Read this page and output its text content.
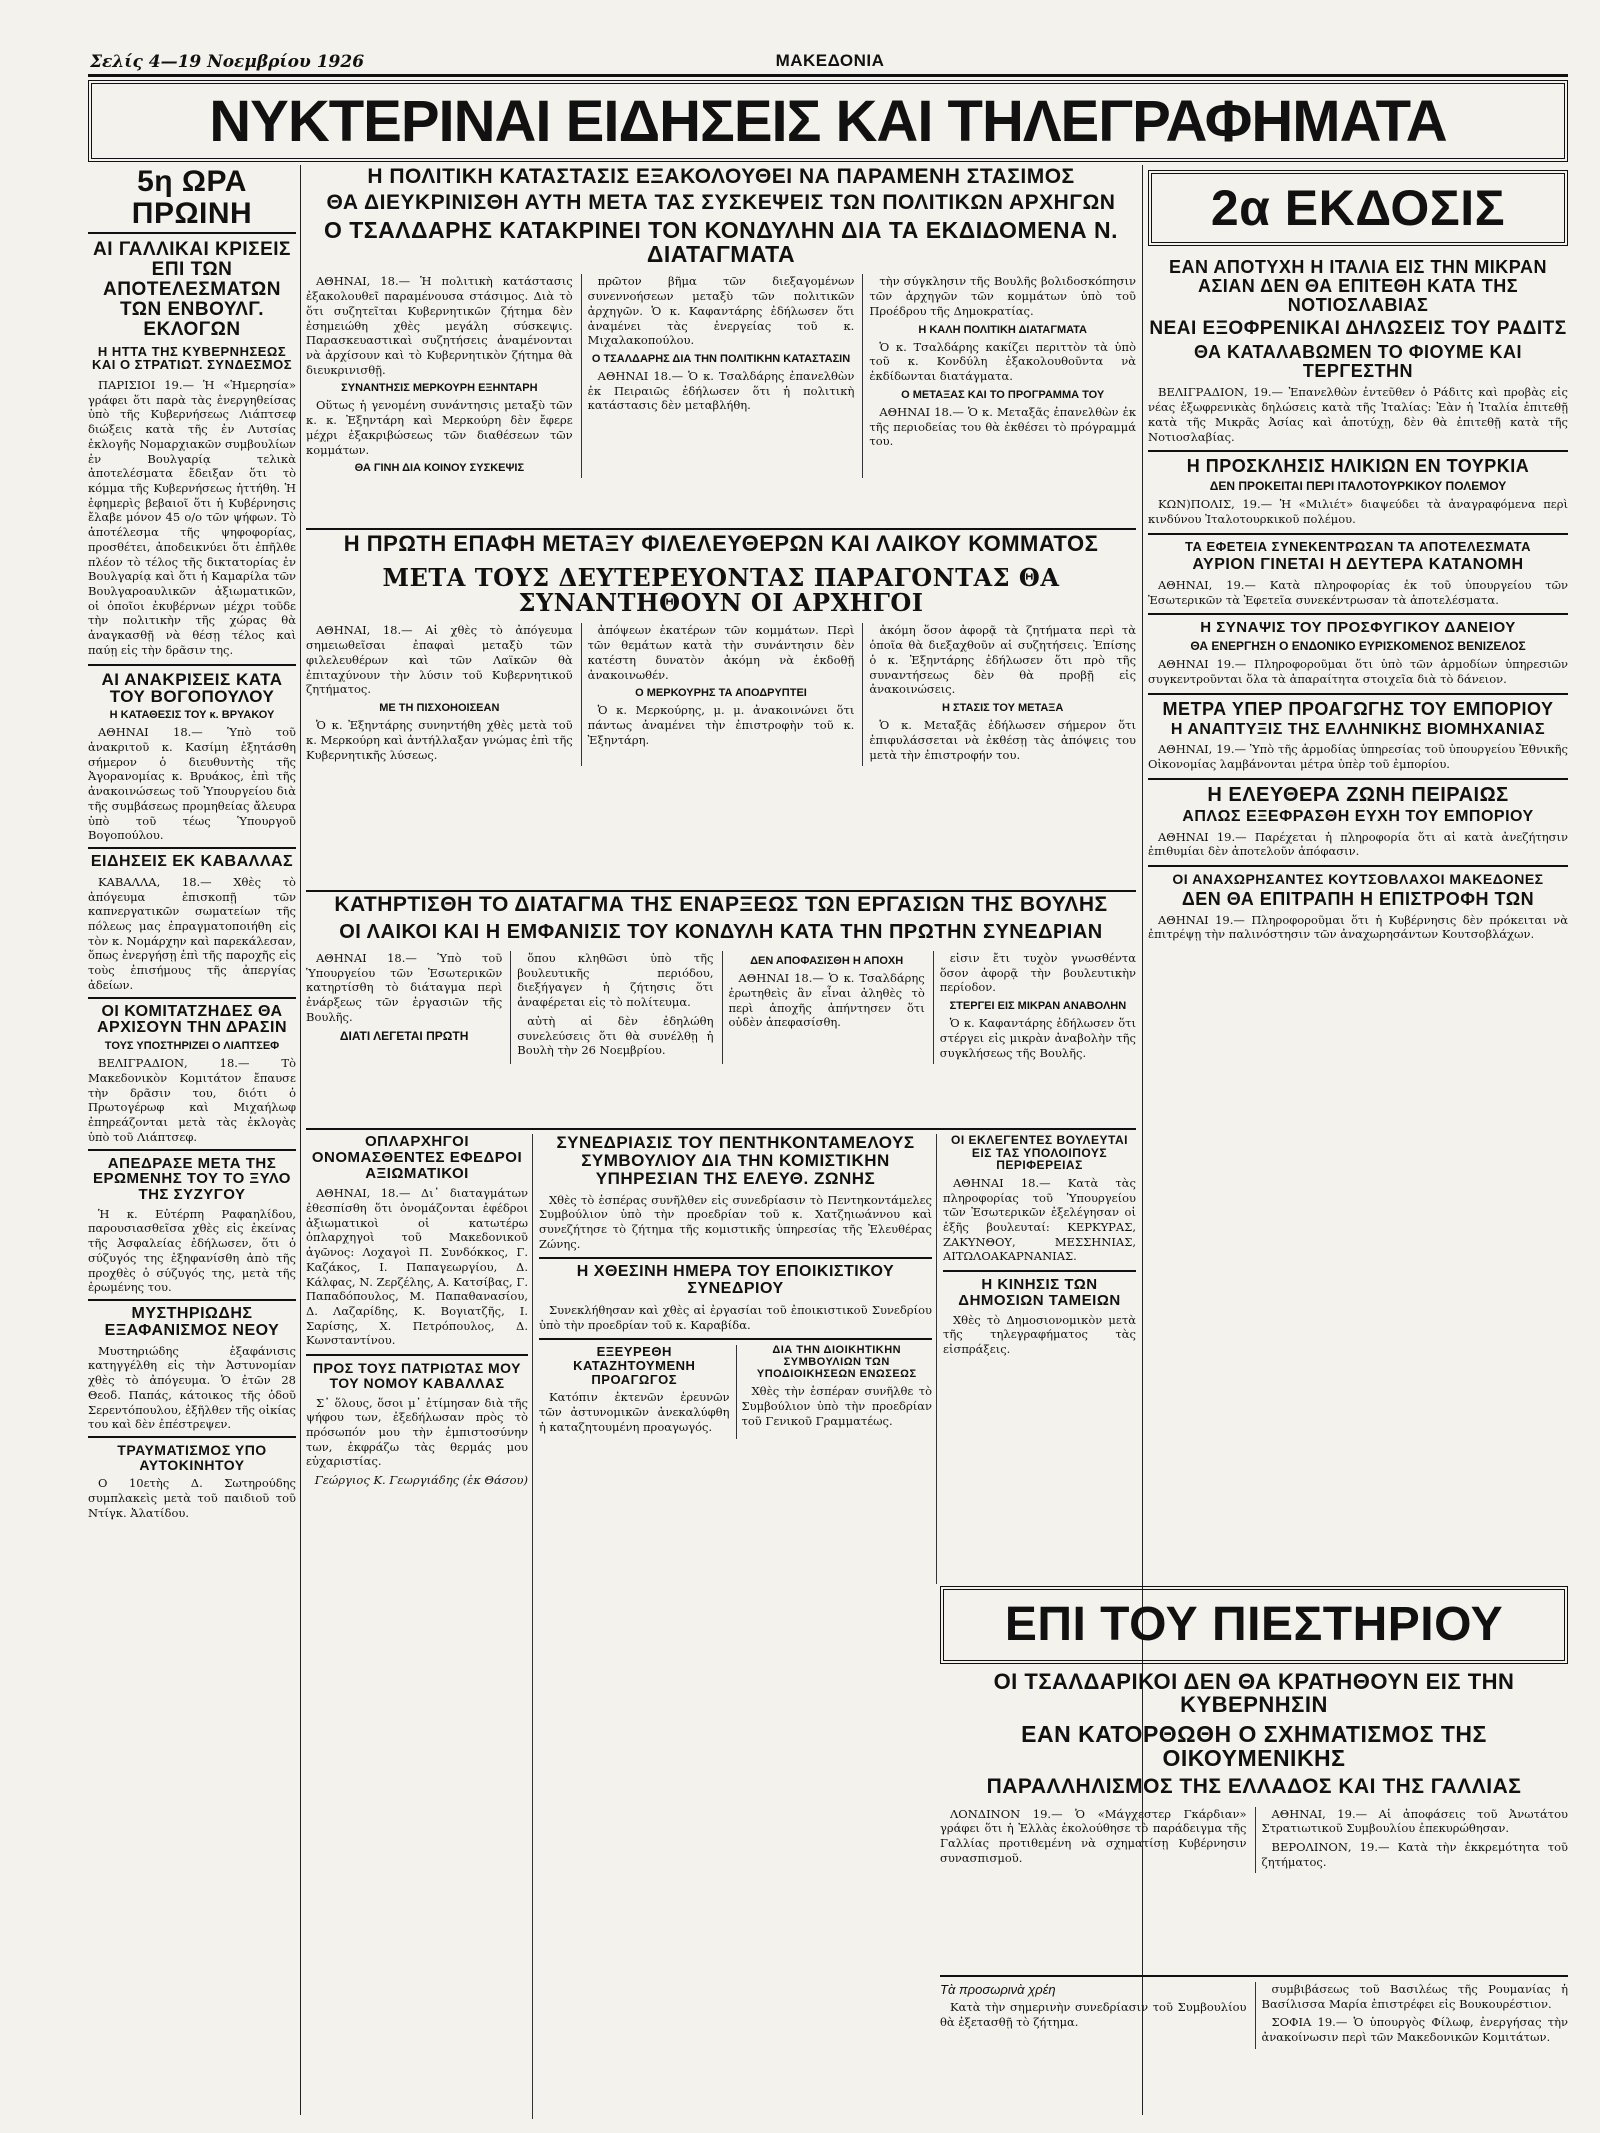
Σελίς 4—19 Νοεμβρίου 1926	ΜΑΚΕΔΟΝΙΑ
ΝΥΚΤΕΡΙΝΑΙ ΕΙΔΗΣΕΙΣ ΚΑΙ ΤΗΛΕΓΡΑΦΗΜΑΤΑ
5η ΩΡΑ ΠΡΩΙΝΗ
ΑΙ ΓΑΛΛΙΚΑΙ ΚΡΙΣΕΙΣ ΕΠΙ ΤΩΝ ΑΠΟΤΕΛΕΣΜΑΤΩΝ ΤΩΝ ΕΝΒΟΥΛΓ. ΕΚΛΟΓΩΝ
Η ΗΤΤΑ ΤΗΣ ΚΥΒΕΡΝΗΣΕΩΣ ΚΑΙ Ο ΣΤΡΑΤΙΩΤ. ΣΥΝΔΕΣΜΟΣ

ΠΑΡΙΣΙΟΙ 19.— Ἡ «Ἡμερησία» γράφει ὅτι παρὰ τὰς ἐνεργηθείσας ὑπὸ τῆς Κυβερνήσεως Λιάπτσεφ διώξεις κατὰ τῆς ἐν Λυτσίας ἐκλογῆς Νομαρχιακῶν συμβουλίων ἐν Βουλγαρίᾳ τελικὰ ἀποτελέσματα ἔδειξαν ὅτι τὸ κόμμα τῆς Κυβερνήσεως ἠττήθη. Ἡ ἐφημερὶς βεβαιοῖ ὅτι ἡ Κυβέρνησις ἔλαβε μόνον 45 ο/ο τῶν ψήφων. Τὸ ἀποτέλεσμα τῆς ψηφοφορίας, προσθέτει, ἀποδεικνύει ὅτι ἐπῆλθε πλέον τὸ τέλος τῆς δικτατορίας ἐν Βουλγαρίᾳ καὶ ὅτι ἡ Καμαρίλα τῶν Βουλγαροαυλικῶν ἀξιωματικῶν, οἱ ὁποῖοι ἐκυβέρνων μέχρι τοῦδε τὴν πολιτικὴν τῆς χώρας θὰ ἀναγκασθῇ νὰ θέσῃ τέλος καὶ παύῃ εἰς τὴν δρᾶσιν της.

ΑΙ ΑΝΑΚΡΙΣΕΙΣ ΚΑΤΑ ΤΟΥ ΒΟΓΟΠΟΥΛΟΥ
Η ΚΑΤΑΘΕΣΙΣ ΤΟΥ κ. ΒΡΥΑΚΟΥ

ΑΘΗΝΑΙ 18.— Ὑπὸ τοῦ ἀνακριτοῦ κ. Κασίμη ἐξητάσθη σήμερον ὁ διευθυντὴς τῆς Ἀγορανομίας κ. Βρυάκος, ἐπὶ τῆς ἀνακοινώσεως τοῦ Ὑπουργείου διὰ τῆς συμβάσεως προμηθείας ἄλευρα ὑπὸ τοῦ τέως Ὑπουργοῦ Βογοπούλου.

ΕΙΔΗΣΕΙΣ ΕΚ ΚΑΒΑΛΛΑΣ

ΚΑΒΑΛΛΑ, 18.— Χθὲς τὸ ἀπόγευμα ἐπισκοπῇ τῶν καπνεργατικῶν σωματείων τῆς πόλεως μας ἐπραγματοποιήθη εἰς τὸν κ. Νομάρχην καὶ παρεκάλεσαν, ὅπως ἐνεργήσῃ ἐπὶ τῆς παροχῆς εἰς τοὺς ἐπισήμους τῆς ἀπεργίας ἀδείων.

ΟΙ ΚΟΜΙΤΑΤΖΗΔΕΣ ΘΑ ΑΡΧΙΣΟΥΝ ΤΗΝ ΔΡΑΣΙΝ
ΤΟΥΣ ΥΠΟΣΤΗΡΙΖΕΙ Ο ΛΙΑΠΤΣΕΦ

ΒΕΛΙΓΡΑΔΙΟΝ, 18.— Τὸ Μακεδονικὸν Κομιτάτον ἔπαυσε τὴν δρᾶσιν του, διότι ὁ Πρωτογέρωφ καὶ Μιχαήλωφ ἐπηρεάζονται μετὰ τὰς ἐκλογὰς ὑπὸ τοῦ Λιάπτσεφ.

ΑΠΕΔΡΑΣΕ ΜΕΤΑ ΤΗΣ ΕΡΩΜΕΝΗΣ ΤΟΥ ΤΟ ΞΥΛΟ ΤΗΣ ΣΥΖΥΓΟΥ

Ἡ κ. Εὐτέρπη Ραφαηλίδου, παρουσιασθεῖσα χθὲς εἰς ἐκείνας τῆς Ἀσφαλείας ἐδήλωσεν, ὅτι ὁ σύζυγός της ἐξηφανίσθη ἀπὸ τῆς προχθὲς ὁ σύζυγός της, μετὰ τῆς ἐρωμένης του.

ΜΥΣΤΗΡΙΩΔΗΣ ΕΞΑΦΑΝΙΣΜΟΣ ΝΕΟΥ

Μυστηριώδης ἐξαφάνισις κατηγγέλθη εἰς τὴν Ἀστυνομίαν χθὲς τὸ ἀπόγευμα. Ὁ ἐτῶν 28 Θεοδ. Παπάς, κάτοικος τῆς ὁδοῦ Σερεντόπουλου, ἐξῆλθεν τῆς οἰκίας του καὶ δὲν ἐπέστρεψεν.

ΤΡΑΥΜΑΤΙΣΜΟΣ ΥΠΟ ΑΥΤΟΚΙΝΗΤΟΥ

Ο 10ετὴς Δ. Σωτηρούδης συμπλακεὶς μετὰ τοῦ παιδιοῦ τοῦ Ντίγκ. Ἀλατίδου.

Η ΠΟΛΙΤΙΚΗ ΚΑΤΑΣΤΑΣΙΣ ΕΞΑΚΟΛΟΥΘΕΙ ΝΑ ΠΑΡΑΜΕΝΗ ΣΤΑΣΙΜΟΣ
ΘΑ ΔΙΕΥΚΡΙΝΙΣΘΗ ΑΥΤΗ ΜΕΤΑ ΤΑΣ ΣΥΣΚΕΨΕΙΣ ΤΩΝ ΠΟΛΙΤΙΚΩΝ ΑΡΧΗΓΩΝ
Ο ΤΣΑΛΔΑΡΗΣ ΚΑΤΑΚΡΙΝΕΙ ΤΟΝ ΚΟΝΔΥΛΗΝ ΔΙΑ ΤΑ ΕΚΔΙΔΟΜΕΝΑ Ν. ΔΙΑΤΑΓΜΑΤΑ

ΑΘΗΝΑΙ, 18.— Ἡ πολιτικὴ κατάστασις ἐξακολουθεῖ παραμένουσα στάσιμος. Διὰ τὸ ὅτι συζητεῖται Κυβερνητικῶν ζήτημα δὲν ἐσημειώθη χθὲς μεγάλη σύσκεψις. Παρασκευαστικαὶ συζητήσεις ἀναμένονται νὰ ἀρχίσουν καὶ τὸ Κυβερνητικὸν ζήτημα θὰ διευκρινισθῇ.

ΣΥΝΑΝΤΗΣΙΣ ΜΕΡΚΟΥΡΗ ΕΞΗΝΤΑΡΗ

Οὕτως ἡ γενομένη συνάντησις μεταξὺ τῶν κ. κ. Ἐξηντάρη καὶ Μερκούρη δὲν ἔφερε μέχρι ἐξακριβώσεως τῶν διαθέσεων τῶν κομμάτων.

ΘΑ ΓΙΝΗ ΔΙΑ ΚΟΙΝΟΥ ΣΥΣΚΕΨΙΣ

πρῶτον βῆμα τῶν διεξαγομένων συνεννοήσεων μεταξὺ τῶν πολιτικῶν ἀρχηγῶν. Ὁ κ. Καφαντάρης ἐδήλωσεν ὅτι ἀναμένει τὰς ἐνεργείας τοῦ κ. Μιχαλακοπούλου.

Ο ΤΣΑΛΔΑΡΗΣ ΔΙΑ ΤΗΝ ΠΟΛΙΤΙΚΗΝ ΚΑΤΑΣΤΑΣΙΝ

ΑΘΗΝΑΙ 18.— Ὁ κ. Τσαλδάρης ἐπανελθὼν ἐκ Πειραιῶς ἐδήλωσεν ὅτι ἡ πολιτικὴ κατάστασις δὲν μεταβλήθη.

τὴν σύγκλησιν τῆς Βουλῆς βολιδοσκόπησιν τῶν ἀρχηγῶν τῶν κομμάτων ὑπὸ τοῦ Προέδρου τῆς Δημοκρατίας.

Η ΚΑΛΗ ΠΟΛΙΤΙΚΗ ΔΙΑΤΑΓΜΑΤΑ

Ὁ κ. Τσαλδάρης κακίζει περιττὸν τὰ ὑπὸ τοῦ κ. Κονδύλη ἐξακολουθοῦντα νὰ ἐκδίδωνται διατάγματα.

Ο ΜΕΤΑΞΑΣ ΚΑΙ ΤΟ ΠΡΟΓΡΑΜΜΑ ΤΟΥ

ΑΘΗΝΑΙ 18.— Ὁ κ. Μεταξᾶς ἐπανελθὼν ἐκ τῆς περιοδείας του θὰ ἐκθέσει τὸ πρόγραμμά του.

Η ΠΡΩΤΗ ΕΠΑΦΗ ΜΕΤΑΞΥ ΦΙΛΕΛΕΥΘΕΡΩΝ ΚΑΙ ΛΑΙΚΟΥ ΚΟΜΜΑΤΟΣ
ΜΕΤΑ ΤΟΥΣ ΔΕΥΤΕΡΕΥΟΝΤΑΣ ΠΑΡΑΓΟΝΤΑΣ ΘΑ ΣΥΝΑΝΤΗΘΟΥΝ ΟΙ ΑΡΧΗΓΟΙ

ΑΘΗΝΑΙ, 18.— Αἱ χθὲς τὸ ἀπόγευμα σημειωθεῖσαι ἐπαφαὶ μεταξὺ τῶν φιλελευθέρων καὶ τῶν Λαϊκῶν θὰ ἐπιταχύνουν τὴν λύσιν τοῦ Κυβερνητικοῦ ζητήματος.

ΜΕ ΤΗ ΠΙΣΧΟΗΟΙΣΕΑΝ

Ὁ κ. Ἐξηντάρης συνηντήθη χθὲς μετὰ τοῦ κ. Μερκούρη καὶ ἀντήλλαξαν γνώμας ἐπὶ τῆς Κυβερνητικῆς λύσεως.

ἀπόψεων ἐκατέρων τῶν κομμάτων. Περὶ τῶν θεμάτων κατὰ τὴν συνάντησιν δὲν κατέστη δυνατὸν ἀκόμη νὰ ἐκδοθῇ ἀνακοινωθέν.

Ο ΜΕΡΚΟΥΡΗΣ ΤΑ ΑΠΟΔΡΥΠΤΕΙ

Ὁ κ. Μερκούρης, μ. μ. ἀνακοινώνει ὅτι πάντως ἀναμένει τὴν ἐπιστροφὴν τοῦ κ. Ἐξηντάρη.

ἀκόμη ὅσον ἀφορᾷ τὰ ζητήματα περὶ τὰ ὁποῖα θὰ διεξαχθοῦν αἱ συζητήσεις. Ἐπίσης ὁ κ. Ἐξηντάρης ἐδήλωσεν ὅτι πρὸ τῆς συναντήσεως δὲν θὰ προβῇ εἰς ἀνακοινώσεις.

Η ΣΤΑΣΙΣ ΤΟΥ ΜΕΤΑΞΑ

Ὁ κ. Μεταξᾶς ἐδήλωσεν σήμερον ὅτι ἐπιφυλάσσεται νὰ ἐκθέσῃ τὰς ἀπόψεις του μετὰ τὴν ἐπιστροφήν του.

ΚΑΤΗΡΤΙΣΘΗ ΤΟ ΔΙΑΤΑΓΜΑ ΤΗΣ ΕΝΑΡΞΕΩΣ ΤΩΝ ΕΡΓΑΣΙΩΝ ΤΗΣ ΒΟΥΛΗΣ
ΟΙ ΛΑΙΚΟΙ ΚΑΙ Η ΕΜΦΑΝΙΣΙΣ ΤΟΥ ΚΟΝΔΥΛΗ ΚΑΤΑ ΤΗΝ ΠΡΩΤΗΝ ΣΥΝΕΔΡΙΑΝ

ΑΘΗΝΑΙ 18.— Ὑπὸ τοῦ Ὑπουργείου τῶν Ἐσωτερικῶν κατηρτίσθη τὸ διάταγμα περὶ ἐνάρξεως τῶν ἐργασιῶν τῆς Βουλῆς.

ΔΙΑΤΙ ΛΕΓΕΤΑΙ ΠΡΩΤΗ

ὅπου κληθῶσι ὑπὸ τῆς βουλευτικῆς περιόδου, διεξήγαγεν ἡ ζήτησις ὅτι ἀναφέρεται εἰς τὸ πολίτευμα.

αὐτὴ αἱ δὲν ἐδηλώθη συνελεύσεις ὅτι θὰ συνέλθῃ ἡ Βουλὴ τὴν 26 Νοεμβρίου.

ΔΕΝ ΑΠΟΦΑΣΙΣΘΗ Η ΑΠΟΧΗ

ΑΘΗΝΑΙ 18.— Ὁ κ. Τσαλδάρης ἐρωτηθεὶς ἂν εἶναι ἀληθὲς τὸ περὶ ἀποχῆς ἀπήντησεν ὅτι οὐδὲν ἀπεφασίσθη.

εἰσιν ἔτι τυχὸν γνωσθέντα ὅσον ἀφορᾷ τὴν βουλευτικὴν περίοδον.

ΣΤΕΡΓΕΙ ΕΙΣ ΜΙΚΡΑΝ ΑΝΑΒΟΛΗΝ

Ὁ κ. Καφαντάρης ἐδήλωσεν ὅτι στέργει εἰς μικρὰν ἀναβολὴν τῆς συγκλήσεως τῆς Βουλῆς.

ΟΠΛΑΡΧΗΓΟΙ ΟΝΟΜΑΣΘΕΝΤΕΣ ΕΦΕΔΡΟΙ ΑΞΙΩΜΑΤΙΚΟΙ

ΑΘΗΝΑΙ, 18.— Δι᾽ διαταγμάτων ἐθεσπίσθη ὅτι ὀνομάζονται ἐφέδροι ἀξιωματικοὶ οἱ κατωτέρω ὁπλαρχηγοὶ τοῦ Μακεδονικοῦ ἀγῶνος: Λοχαγοὶ Π. Συνδόκκος, Γ. Καζάκος, Ι. Παπαγεωργίου, Δ. Κάλφας, Ν. Ζερζέλης, Α. Κατσίβας, Γ. Παπαδόπουλος, Μ. Παπαθανασίου, Δ. Λαζαρίδης, Κ. Βογιατζῆς, Ι. Σαρίσης, Χ. Πετρόπουλος, Δ. Κωνσταντίνου.

ΠΡΟΣ ΤΟΥΣ ΠΑΤΡΙΩΤΑΣ ΜΟΥ ΤΟΥ ΝΟΜΟΥ ΚΑΒΑΛΛΑΣ

Σ᾽ ὅλους, ὅσοι μ᾽ ἐτίμησαν διὰ τῆς ψήφου των, ἐξεδήλωσαν πρὸς τὸ πρόσωπόν μου τὴν ἐμπιστοσύνην των, ἐκφράζω τὰς θερμάς μου εὐχαριστίας.

Γεώργιος Κ. Γεωργιάδης (ἐκ Θάσου)
ΣΥΝΕΔΡΙΑΣΙΣ ΤΟΥ ΠΕΝΤΗΚΟΝΤΑΜΕΛΟΥΣ ΣΥΜΒΟΥΛΙΟΥ ΔΙΑ ΤΗΝ ΚΟΜΙΣΤΙΚΗΝ ΥΠΗΡΕΣΙΑΝ ΤΗΣ ΕΛΕΥΘ. ΖΩΝΗΣ

Χθὲς τὸ ἑσπέρας συνῆλθεν εἰς συνεδρίασιν τὸ Πεντηκοντάμελες Συμβούλιον ὑπὸ τὴν προεδρίαν τοῦ κ. Χατζηιωάννου καὶ συνεζήτησε τὸ ζήτημα τῆς κομιστικῆς ὑπηρεσίας τῆς Ἐλευθέρας Ζώνης.

Η ΧΘΕΣΙΝΗ ΗΜΕΡΑ ΤΟΥ ΕΠΟΙΚΙΣΤΙΚΟΥ ΣΥΝΕΔΡΙΟΥ

Συνεκλήθησαν καὶ χθὲς αἱ ἐργασίαι τοῦ ἐποικιστικοῦ Συνεδρίου ὑπὸ τὴν προεδρίαν τοῦ κ. Καραβίδα.

ΕΞΕΥΡΕΘΗ ΚΑΤΑΖΗΤΟΥΜΕΝΗ ΠΡΟΑΓΩΓΟΣ

Κατόπιν ἐκτενῶν ἐρευνῶν τῶν ἀστυνομικῶν ἀνεκαλύφθη ἡ καταζητουμένη προαγωγός.

ΔΙΑ ΤΗΝ ΔΙΟΙΚΗΤΙΚΗΝ ΣΥΜΒΟΥΛΙΩΝ ΤΩΝ ΥΠΟΔΙΟΙΚΗΣΕΩΝ ΕΝΩΣΕΩΣ

Χθὲς τὴν ἑσπέραν συνῆλθε τὸ Συμβούλιον ὑπὸ τὴν προεδρίαν τοῦ Γενικοῦ Γραμματέως.

ΟΙ ΕΚΛΕΓΕΝΤΕΣ ΒΟΥΛΕΥΤΑΙ ΕΙΣ ΤΑΣ ΥΠΟΛΟΙΠΟΥΣ ΠΕΡΙΦΕΡΕΙΑΣ

ΑΘΗΝΑΙ 18.— Κατὰ τὰς πληροφορίας τοῦ Ὑπουργείου τῶν Ἐσωτερικῶν ἐξελέγησαν οἱ ἑξῆς βουλευταί: ΚΕΡΚΥΡΑΣ, ΖΑΚΥΝΘΟΥ, ΜΕΣΣΗΝΙΑΣ, ΑΙΤΩΛΟΑΚΑΡΝΑΝΙΑΣ.

Η ΚΙΝΗΣΙΣ ΤΩΝ ΔΗΜΟΣΙΩΝ ΤΑΜΕΙΩΝ

Χθὲς τὸ Δημοσιονομικὸν μετὰ τῆς τηλεγραφήματος τὰς εἰσπράξεις.

2α ΕΚΔΟΣΙΣ
ΕΑΝ ΑΠΟΤΥΧΗ Η ΙΤΑΛΙΑ ΕΙΣ ΤΗΝ ΜΙΚΡΑΝ ΑΣΙΑΝ ΔΕΝ ΘΑ ΕΠΙΤΕΘΗ ΚΑΤΑ ΤΗΣ ΝΟΤΙΟΣΛΑΒΙΑΣ
ΝΕΑΙ ΕΞΟΦΡΕΝΙΚΑΙ ΔΗΛΩΣΕΙΣ ΤΟΥ ΡΑΔΙΤΣ
ΘΑ ΚΑΤΑΛΑΒΩΜΕΝ ΤΟ ΦΙΟΥΜΕ ΚΑΙ ΤΕΡΓΕΣΤΗΝ

ΒΕΛΙΓΡΑΔΙΟΝ, 19.— Ἐπανελθὼν ἐντεῦθεν ὁ Ράδιτς καὶ προβὰς εἰς νέας ἐξωφρενικὰς δηλώσεις κατὰ τῆς Ἰταλίας: Ἐὰν ἡ Ἰταλία ἐπιτεθῇ κατὰ τῆς Μικρᾶς Ἀσίας καὶ ἀποτύχῃ, δὲν θὰ ἐπιτεθῇ κατὰ τῆς Νοτιοσλαβίας.

Η ΠΡΟΣΚΛΗΣΙΣ ΗΛΙΚΙΩΝ ΕΝ ΤΟΥΡΚΙΑ
ΔΕΝ ΠΡΟΚΕΙΤΑΙ ΠΕΡΙ ΙΤΑΛΟΤΟΥΡΚΙΚΟΥ ΠΟΛΕΜΟΥ

ΚΩΝ)ΠΟΛΙΣ, 19.— Ἡ «Μιλιέτ» διαψεύδει τὰ ἀναγραφόμενα περὶ κινδύνου Ἰταλοτουρκικοῦ πολέμου.

ΤΑ ΕΦΕΤΕΙΑ ΣΥΝΕΚΕΝΤΡΩΣΑΝ ΤΑ ΑΠΟΤΕΛΕΣΜΑΤΑ
ΑΥΡΙΟΝ ΓΙΝΕΤΑΙ Η ΔΕΥΤΕΡΑ ΚΑΤΑΝΟΜΗ

ΑΘΗΝΑΙ, 19.— Κατὰ πληροφορίας ἐκ τοῦ ὑπουργείου τῶν Ἐσωτερικῶν τὰ Ἐφετεῖα συνεκέντρωσαν τὰ ἀποτελέσματα.

Η ΣΥΝΑΨΙΣ ΤΟΥ ΠΡΟΣΦΥΓΙΚΟΥ ΔΑΝΕΙΟΥ
ΘΑ ΕΝΕΡΓΗΣΗ Ο ΕΝΔΟΝΙΚΟ ΕΥΡΙΣΚΟΜΕΝΟΣ ΒΕΝΙΖΕΛΟΣ

ΑΘΗΝΑΙ 19.— Πληροφοροῦμαι ὅτι ὑπὸ τῶν ἁρμοδίων ὑπηρεσιῶν συγκεντροῦνται ὅλα τὰ ἀπαραίτητα στοιχεῖα διὰ τὸ δάνειον.

ΜΕΤΡΑ ΥΠΕΡ ΠΡΟΑΓΩΓΗΣ ΤΟΥ ΕΜΠΟΡΙΟΥ
Η ΑΝΑΠΤΥΞΙΣ ΤΗΣ ΕΛΛΗΝΙΚΗΣ ΒΙΟΜΗΧΑΝΙΑΣ

ΑΘΗΝΑΙ, 19.— Ὑπὸ τῆς ἁρμοδίας ὑπηρεσίας τοῦ ὑπουργείου Ἐθνικῆς Οἰκονομίας λαμβάνονται μέτρα ὑπὲρ τοῦ ἐμπορίου.

Η ΕΛΕΥΘΕΡΑ ΖΩΝΗ ΠΕΙΡΑΙΩΣ
ΑΠΛΩΣ ΕΞΕΦΡΑΣΘΗ ΕΥΧΗ ΤΟΥ ΕΜΠΟΡΙΟΥ

ΑΘΗΝΑΙ 19.— Παρέχεται ἡ πληροφορία ὅτι αἱ κατὰ ἀνεζήτησιν ἐπιθυμίαι δὲν ἀποτελοῦν ἀπόφασιν.

ΟΙ ΑΝΑΧΩΡΗΣΑΝΤΕΣ ΚΟΥΤΣΟΒΛΑΧΟΙ ΜΑΚΕΔΟΝΕΣ
ΔΕΝ ΘΑ ΕΠΙΤΡΑΠΗ Η ΕΠΙΣΤΡΟΦΗ ΤΩΝ

ΑΘΗΝΑΙ 19.— Πληροφοροῦμαι ὅτι ἡ Κυβέρνησις δὲν πρόκειται νὰ ἐπιτρέψῃ τὴν παλινόστησιν τῶν ἀναχωρησάντων Κουτσοβλάχων.

ΕΠΙ ΤΟΥ ΠΙΕΣΤΗΡΙΟΥ
ΟΙ ΤΣΑΛΔΑΡΙΚΟΙ ΔΕΝ ΘΑ ΚΡΑΤΗΘΟΥΝ ΕΙΣ ΤΗΝ ΚΥΒΕΡΝΗΣΙΝ
ΕΑΝ ΚΑΤΟΡΘΩΘΗ Ο ΣΧΗΜΑΤΙΣΜΟΣ ΤΗΣ ΟΙΚΟΥΜΕΝΙΚΗΣ
ΠΑΡΑΛΛΗΛΙΣΜΟΣ ΤΗΣ ΕΛΛΑΔΟΣ ΚΑΙ ΤΗΣ ΓΑΛΛΙΑΣ

ΛΟΝΔΙΝΟΝ 19.— Ὁ «Μάγχεστερ Γκάρδιαν» γράφει ὅτι ἡ Ἑλλὰς ἐκολούθησε τὸ παράδειγμα τῆς Γαλλίας προτιθεμένη νὰ σχηματίσῃ Κυβέρνησιν συνασπισμοῦ.

ΑΘΗΝΑΙ, 19.— Αἱ ἀποφάσεις τοῦ Ἀνωτάτου Στρατιωτικοῦ Συμβουλίου ἐπεκυρώθησαν.

ΒΕΡΟΛΙΝΟΝ, 19.— Κατὰ τὴν ἐκκρεμότητα τοῦ ζητήματος.

Τὰ προσωρινὰ χρέη

Κατὰ τὴν σημερινὴν συνεδρίασιν τοῦ Συμβουλίου θὰ ἐξετασθῇ τὸ ζήτημα.

συμβιβάσεως τοῦ Βασιλέως τῆς Ρουμανίας ἡ Βασίλισσα Μαρία ἐπιστρέφει εἰς Βουκουρέστιον.

ΣΟΦΙΑ 19.— Ὁ ὑπουργὸς Φίλωφ, ἐνεργήσας τὴν ἀνακοίνωσιν περὶ τῶν Μακεδονικῶν Κομιτάτων.
